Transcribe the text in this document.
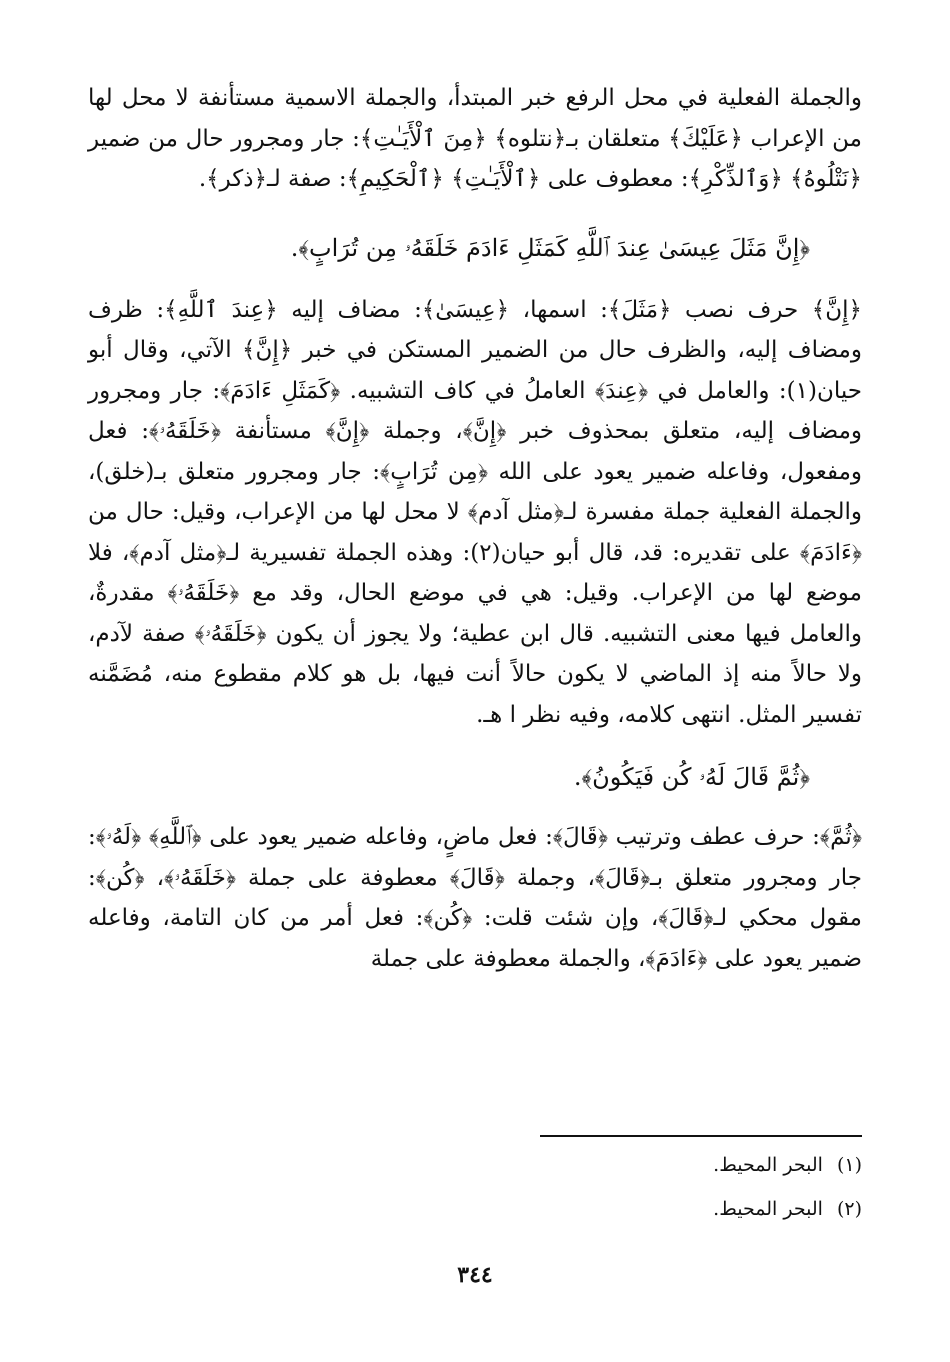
والجملة الفعلية في محل الرفع خبر المبتدأ، والجملة الاسمية مستأنفة لا محل لها من الإعراب ﴿عَلَيْكَ﴾ متعلقان بـ﴿نتلوه﴾ ﴿مِنَ ٱلْأَيَـٰتِ﴾: جار ومجرور حال من ضمير ﴿نَتْلُوهُ﴾ ﴿وَٱلذِّكْرِ﴾: معطوف على ﴿ٱلْأَيَـٰتِ﴾ ﴿ٱلْحَكِيمِ﴾: صفة لـ﴿ذكر﴾.

﴿إِنَّ مَثَلَ عِيسَىٰ عِندَ ٱللَّهِ كَمَثَلِ ءَادَمَ خَلَقَهُۥ مِن تُرَابٍ﴾.

﴿إِنَّ﴾ حرف نصب ﴿مَثَلَ﴾: اسمها، ﴿عِيسَىٰ﴾: مضاف إليه ﴿عِندَ ٱللَّهِ﴾: ظرف ومضاف إليه، والظرف حال من الضمير المستكن في خبر ﴿إِنَّ﴾ الآتي، وقال أبو حيان(١): والعامل في ﴿عِندَ﴾ العاملُ في كاف التشبيه. ﴿كَمَثَلِ ءَادَمَ﴾: جار ومجرور ومضاف إليه، متعلق بمحذوف خبر ﴿إِنَّ﴾، وجملة ﴿إِنَّ﴾ مستأنفة ﴿خَلَقَهُۥ﴾: فعل ومفعول، وفاعله ضمير يعود على الله ﴿مِن تُرَابٍ﴾: جار ومجرور متعلق بـ(خلق)، والجملة الفعلية جملة مفسرة لـ﴿مثل آدم﴾ لا محل لها من الإعراب، وقيل: حال من ﴿ءَادَمَ﴾ على تقديره: قد، قال أبو حيان(٢): وهذه الجملة تفسيرية لـ﴿مثل آدم﴾، فلا موضع لها من الإعراب. وقيل: هي في موضع الحال، وقد مع ﴿خَلَقَهُۥ﴾ مقدرةٌ، والعامل فيها معنى التشبيه. قال ابن عطية؛ ولا يجوز أن يكون ﴿خَلَقَهُۥ﴾ صفة لآدم، ولا حالاً منه إذ الماضي لا يكون حالاً أنت فيها، بل هو كلام مقطوع منه، مُضَمَّنه تفسير المثل. انتهى كلامه، وفيه نظر ا هـ.

﴿ثُمَّ قَالَ لَهُۥ كُن فَيَكُونُ﴾.

﴿ثُمَّ﴾: حرف عطف وترتيب ﴿قَالَ﴾: فعل ماضٍ، وفاعله ضمير يعود على ﴿ٱللَّهِ﴾ ﴿لَهُۥ﴾: جار ومجرور متعلق بـ﴿قَالَ﴾، وجملة ﴿قَالَ﴾ معطوفة على جملة ﴿خَلَقَهُۥ﴾، ﴿كُن﴾: مقول محكي لـ﴿قَالَ﴾، وإن شئت قلت: ﴿كُن﴾: فعل أمر من كان التامة، وفاعله ضمير يعود على ﴿ءَادَمَ﴾، والجملة معطوفة على جملة

(١) البحر المحيط.

(٢) البحر المحيط.

٣٤٤
